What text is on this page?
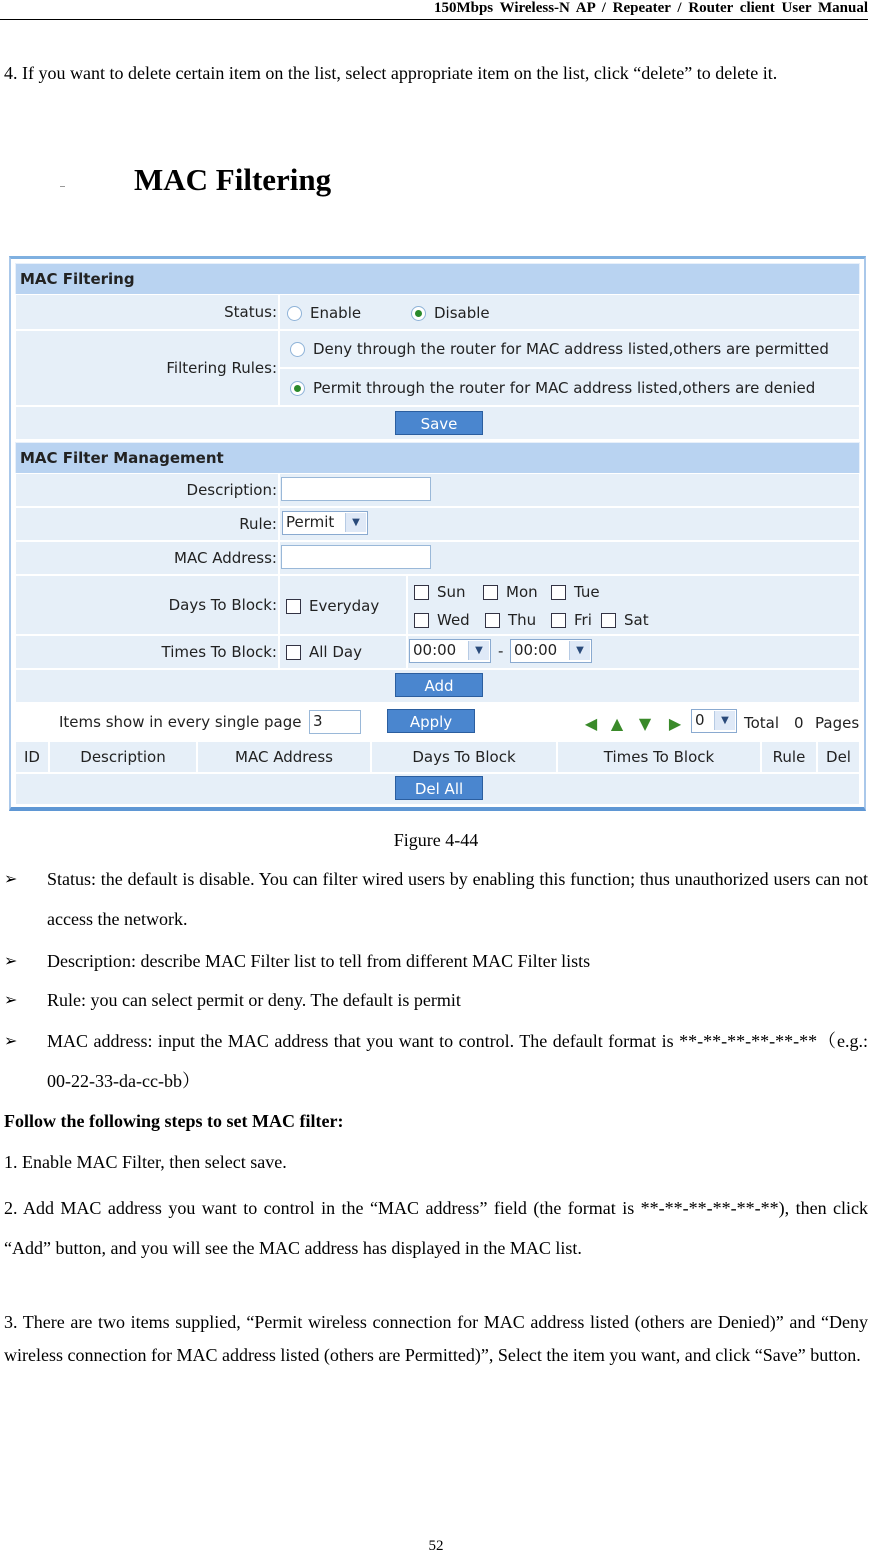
150Mbps Wireless-N AP / Repeater / Router client User Manual
4. If you want to delete certain item on the list, select appropriate item on the list, click “delete” to delete it.
MAC Filtering
MAC Filtering
Status:	Enable	Disable
Filtering Rules:
Deny through the router for MAC address listed,others are permitted
Permit through the router for MAC address listed,others are denied
Save
MAC Filter Management
Description:
Rule: Permit	▼
MAC Address:
Days To Block:	Everyday
Sun	Mon	Tue
Wed	Thu	Fri	Sat
Times To Block:	All Day	00:00	▼	- 00:00	▼
Add
Items show in every single page 3	Apply	◀ ▲ ▼ ▶ 0	▼	Total 0 Pages
ID	Description	MAC Address	Days To Block	Times To Block	Rule	Del
Del All
Figure 4-44
➢ Status: the default is disable. You can filter wired users by enabling this function; thus unauthorized users can not access the network.
➢ Description: describe MAC Filter list to tell from different MAC Filter lists
➢ Rule: you can select permit or deny. The default is permit
➢ MAC address: input the MAC address that you want to control. The default format is **-**-**-**-**-**（e.g.: 00-22-33-da-cc-bb）
Follow the following steps to set MAC filter:
1. Enable MAC Filter, then select save.
2. Add MAC address you want to control in the “MAC address” field (the format is **-**-**-**-**-**), then click “Add” button, and you will see the MAC address has displayed in the MAC list.
3. There are two items supplied, “Permit wireless connection for MAC address listed (others are Denied)” and “Deny wireless connection for MAC address listed (others are Permitted)”, Select the item you want, and click “Save” button.
52
